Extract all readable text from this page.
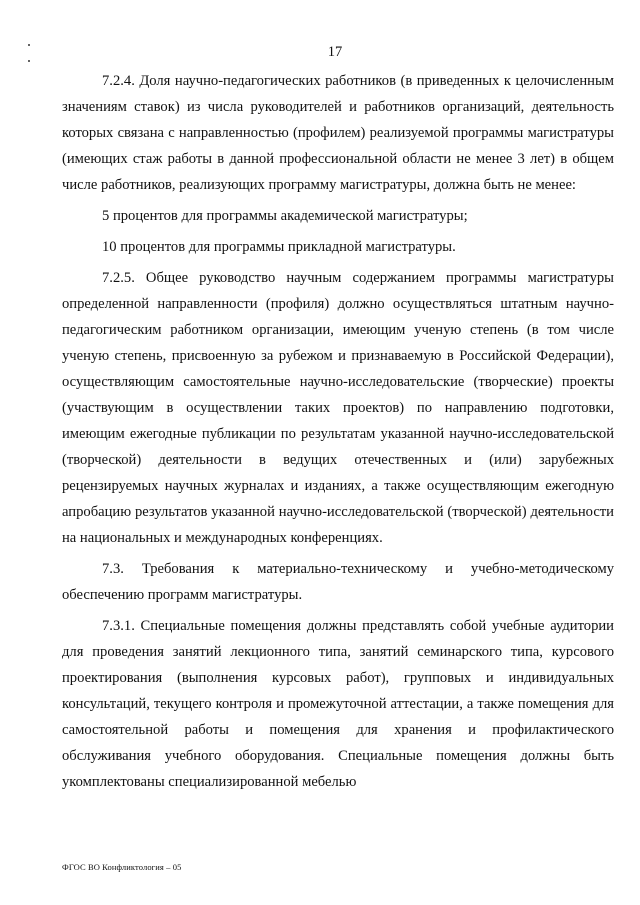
17

7.2.4. Доля научно-педагогических работников (в приведенных к целочисленным значениям ставок) из числа руководителей и работников организаций, деятельность которых связана с направленностью (профилем) реализуемой программы магистратуры (имеющих стаж работы в данной профессиональной области не менее 3 лет) в общем числе работников, реализующих программу магистратуры, должна быть не менее:

5 процентов для программы академической магистратуры;

10 процентов для программы прикладной магистратуры.

7.2.5. Общее руководство научным содержанием программы магистратуры определенной направленности (профиля) должно осуществляться штатным научно-педагогическим работником организации, имеющим ученую степень (в том числе ученую степень, присвоенную за рубежом и признаваемую в Российской Федерации), осуществляющим самостоятельные научно-исследовательские (творческие) проекты (участвующим в осуществлении таких проектов) по направлению подготовки, имеющим ежегодные публикации по результатам указанной научно-исследовательской (творческой) деятельности в ведущих отечественных и (или) зарубежных рецензируемых научных журналах и изданиях, а также осуществляющим ежегодную апробацию результатов указанной научно-исследовательской (творческой) деятельности на национальных и международных конференциях.

7.3. Требования к материально-техническому и учебно-методическому обеспечению программ магистратуры.

7.3.1. Специальные помещения должны представлять собой учебные аудитории для проведения занятий лекционного типа, занятий семинарского типа, курсового проектирования (выполнения курсовых работ), групповых и индивидуальных консультаций, текущего контроля и промежуточной аттестации, а также помещения для самостоятельной работы и помещения для хранения и профилактического обслуживания учебного оборудования. Специальные помещения должны быть укомплектованы специализированной мебелью

ФГОС ВО Конфликтология – 05
